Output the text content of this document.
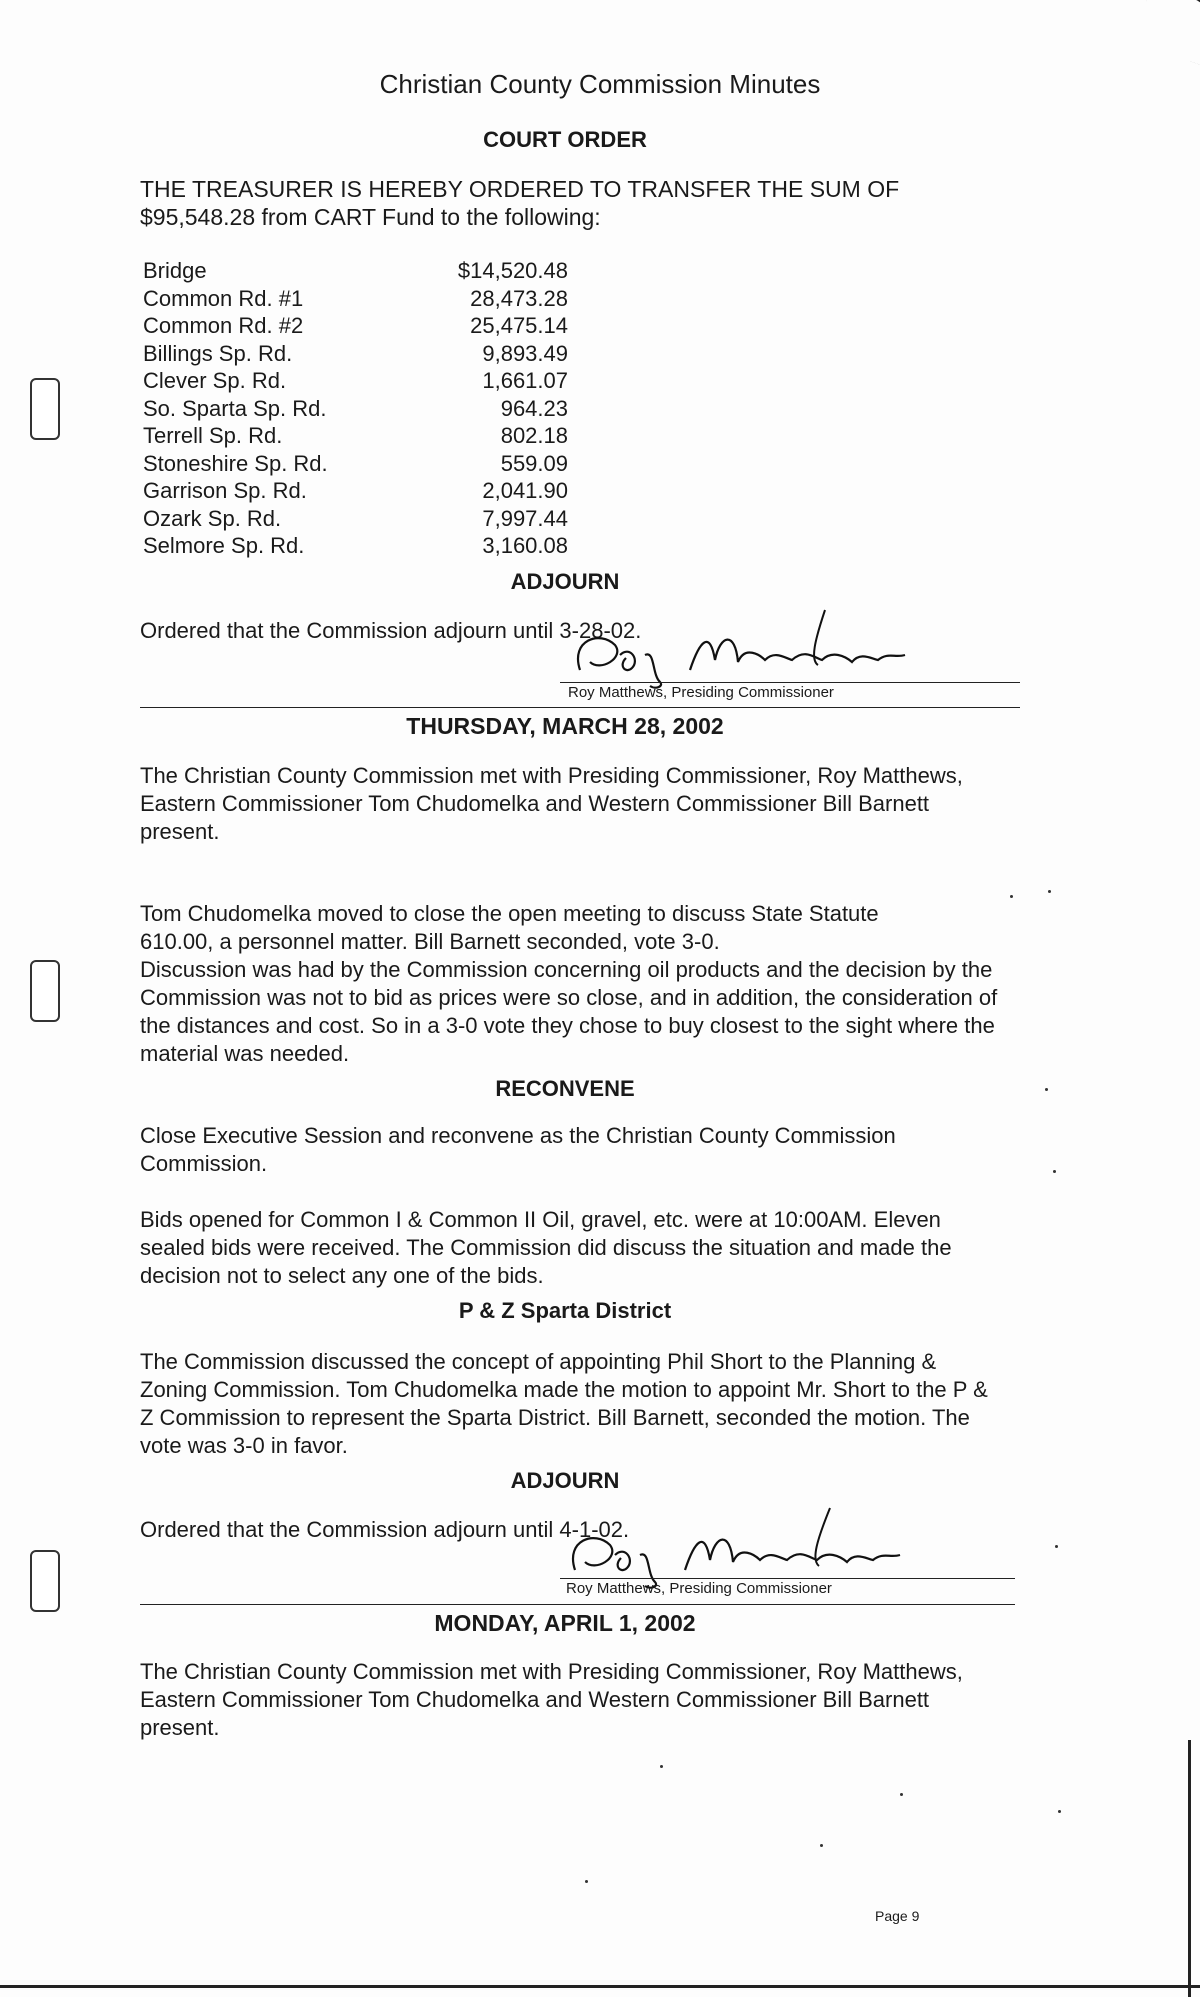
Christian County Commission Minutes
COURT ORDER
THE TREASURER IS HEREBY ORDERED TO TRANSFER THE SUM OF
$95,548.28 from CART Fund to the following:
Bridge	$14,520.48
Common Rd. #1	28,473.28
Common Rd. #2	25,475.14
Billings Sp. Rd.	9,893.49
Clever Sp. Rd.	1,661.07
So. Sparta Sp. Rd.	964.23
Terrell Sp. Rd.	802.18
Stoneshire Sp. Rd.	559.09
Garrison Sp. Rd.	2,041.90
Ozark Sp. Rd.	7,997.44
Selmore Sp. Rd.	3,160.08
ADJOURN
Ordered that the Commission adjourn until 3-28-02.
Roy Matthews, Presiding Commissioner
THURSDAY, MARCH 28, 2002
The Christian County Commission met with Presiding Commissioner, Roy Matthews, Eastern Commissioner Tom Chudomelka and Western Commissioner Bill Barnett present.
Tom Chudomelka moved to close the open meeting to discuss State Statute
610.00, a personnel matter. Bill Barnett seconded, vote 3-0.
Discussion was had by the Commission concerning oil products and the decision by the Commission was not to bid as prices were so close, and in addition, the consideration of the distances and cost. So in a 3-0 vote they chose to buy closest to the sight where the material was needed.
RECONVENE
Close Executive Session and reconvene as the Christian County Commission Commission.
Bids opened for Common I & Common II Oil, gravel, etc. were at 10:00AM. Eleven sealed bids were received. The Commission did discuss the situation and made the decision not to select any one of the bids.
P & Z Sparta District
The Commission discussed the concept of appointing Phil Short to the Planning & Zoning Commission. Tom Chudomelka made the motion to appoint Mr. Short to the P & Z Commission to represent the Sparta District. Bill Barnett, seconded the motion. The vote was 3-0 in favor.
ADJOURN
Ordered that the Commission adjourn until 4-1-02.
Roy Matthews, Presiding Commissioner
MONDAY, APRIL 1, 2002
The Christian County Commission met with Presiding Commissioner, Roy Matthews, Eastern Commissioner Tom Chudomelka and Western Commissioner Bill Barnett present.
Page 9
